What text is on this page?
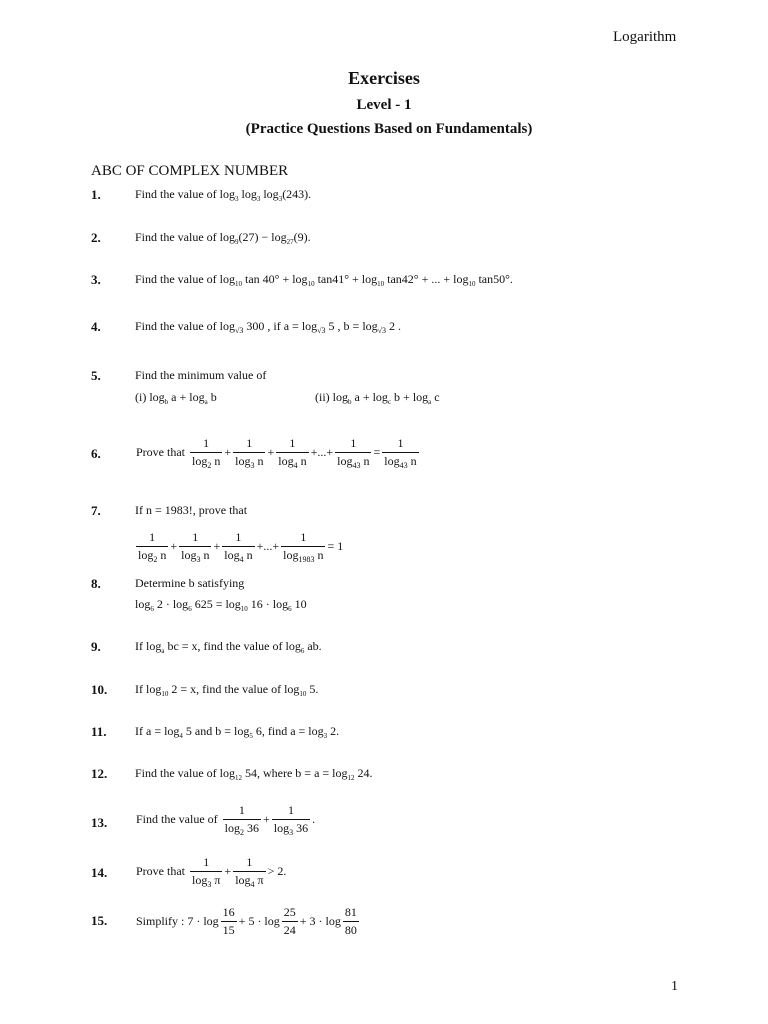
Logarithm
Exercises
Level - 1
(Practice Questions Based on Fundamentals)
ABC OF COMPLEX NUMBER
1.	Find the value of $\log_3 \log_3 \log_3(243)$.
2.	Find the value of $\log_9(27) - \log_{27}(9)$.
3.	Find the value of $\log_{10} \tan 40^\circ + \log_{10} \tan 41^\circ + \log_{10} \tan 42^\circ$ + ... + $\log_{10} \tan 50^\circ$.
4.	Find the value of $\log_{√3} 300$ , if $a = \log_{√3} 5$ , $b = \log_{√3} 2$ .
5.	Find the minimum value of
(i) $\log_b a + \log_a b$	(ii) $\log_b a + \log_c b + \log_a c$
6.	Prove that $\frac{1}{\log_2 n} + \frac{1}{\log_3 n} + \frac{1}{\log_4 n}$ +...+ $\frac{1}{\log_{43} n} = \frac{1}{\log_{43} n}$
7.	If n = 1983!, prove that
$\frac{1}{\log_2 n} + \frac{1}{\log_3 n} + \frac{1}{\log_4 n}$ +...+ $\frac{1}{\log_{1983} n} = 1$
8.	Determine b satisfying
$\log_6 2 \cdot \log_6 625 = \log_{10} 16 \cdot \log_6 10$
9.	If $\log_a$ bc = x, find the value of $\log_6$ ab.
10. If $\log_{10} 2 = x$, find the value of $\log_{10} 5$.
11. If $a = \log_4 5$ and $b = \log_5 6$, find $a = \log_3 2$.
12. Find the value of $\log_{12} 54$, where $b = a = \log_{12} 24$.
13. Find the value of $\frac{1}{\log_2 36} + \frac{1}{\log_3 36}$ .
14. Prove that $\frac{1}{\log_3 \pi} + \frac{1}{\log_4 \pi} > 2$.
15. Simplify : $7 \cdot \log \frac{16}{15} + 5 \cdot \log \frac{25}{24} + 3 \cdot \log \frac{81}{80}$
1
